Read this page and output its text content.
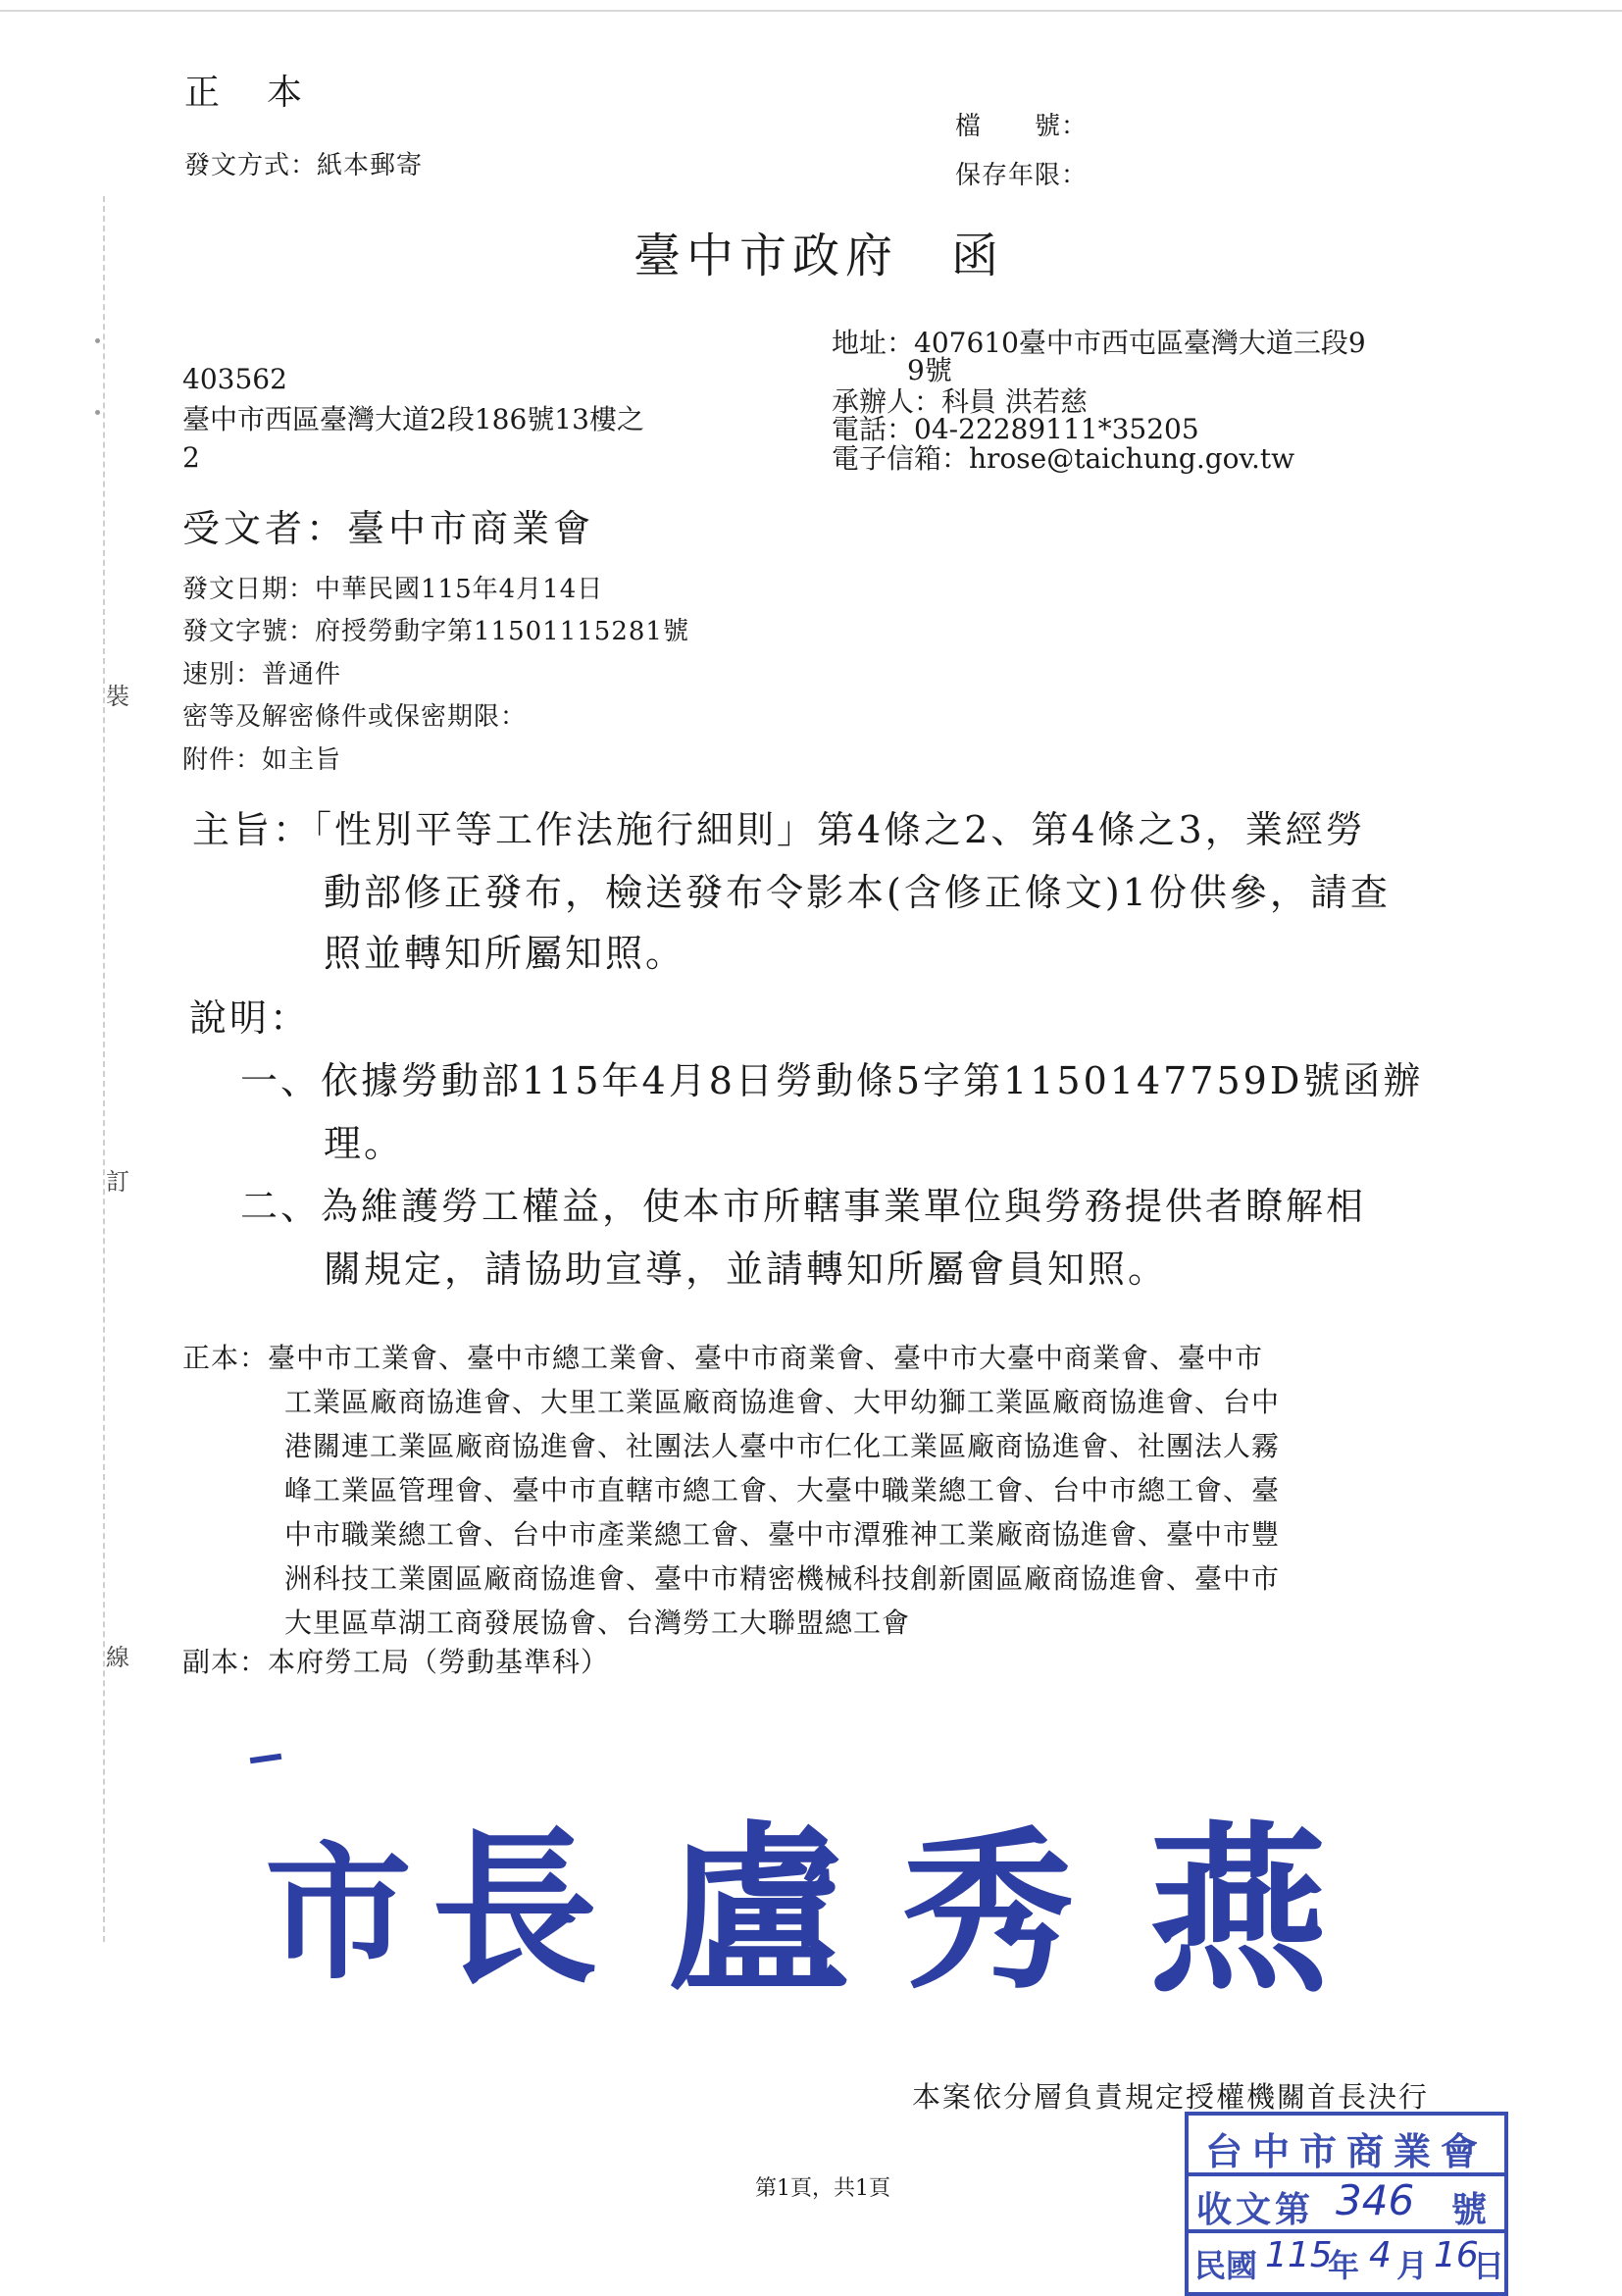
裝
訂
線
正　本
發文方式：紙本郵寄
檔　　號：
保存年限：
臺中市政府　函
地址：407610臺中市西屯區臺灣大道三段9
9號
承辦人：科員 洪若慈
電話：04-22289111*35205
電子信箱：hrose@taichung.gov.tw
403562
臺中市西區臺灣大道2段186號13樓之
2
受文者：臺中市商業會
發文日期：中華民國115年4月14日
發文字號：府授勞動字第11501115281號
速別：普通件
密等及解密條件或保密期限：
附件：如主旨
主旨：「性別平等工作法施行細則」第4條之2、第4條之3，業經勞
動部修正發布，檢送發布令影本(含修正條文)1份供參，請查
照並轉知所屬知照。
說明：
一、依據勞動部115年4月8日勞動條5字第1150147759D號函辦
理。
二、為維護勞工權益，使本市所轄事業單位與勞務提供者瞭解相
關規定，請協助宣導，並請轉知所屬會員知照。
正本：臺中市工業會、臺中市總工業會、臺中市商業會、臺中市大臺中商業會、臺中市
工業區廠商協進會、大里工業區廠商協進會、大甲幼獅工業區廠商協進會、台中
港關連工業區廠商協進會、社團法人臺中市仁化工業區廠商協進會、社團法人霧
峰工業區管理會、臺中市直轄市總工會、大臺中職業總工會、台中市總工會、臺
中市職業總工會、台中市產業總工會、臺中市潭雅神工業廠商協進會、臺中市豐
洲科技工業園區廠商協進會、臺中市精密機械科技創新園區廠商協進會、臺中市
大里區草湖工商發展協會、台灣勞工大聯盟總工會
副本：本府勞工局（勞動基準科）
市 長 盧 秀 燕
本案依分層負責規定授權機關首長決行
第1頁，共1頁
台中市商業會
收文第 346 號
民國 115
年 4 月 16
日
